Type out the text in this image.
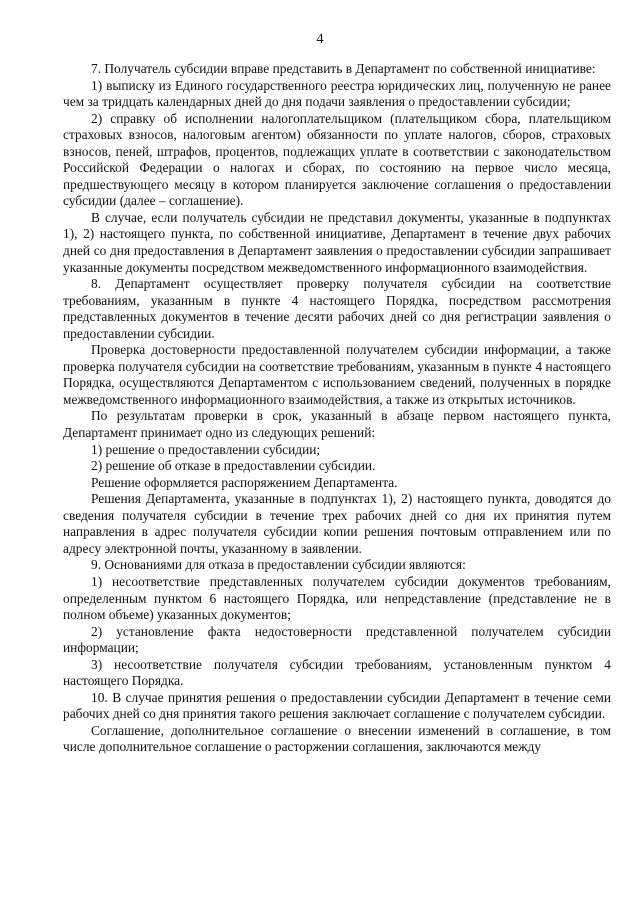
4

7. Получатель субсидии вправе представить в Департамент по собственной инициативе:

1) выписку из Единого государственного реестра юридических лиц, полученную не ранее чем за тридцать календарных дней до дня подачи заявления о предоставлении субсидии;

2) справку об исполнении налогоплательщиком (плательщиком сбора, плательщиком страховых взносов, налоговым агентом) обязанности по уплате налогов, сборов, страховых взносов, пеней, штрафов, процентов, подлежащих уплате в соответствии с законодательством Российской Федерации о налогах и сборах, по состоянию на первое число месяца, предшествующего месяцу в котором планируется заключение соглашения о предоставлении субсидии (далее – соглашение).

В случае, если получатель субсидии не представил документы, указанные в подпунктах 1), 2) настоящего пункта, по собственной инициативе, Департамент в течение двух рабочих дней со дня предоставления в Департамент заявления о предоставлении субсидии запрашивает указанные документы посредством межведомственного информационного взаимодействия.

8. Департамент осуществляет проверку получателя субсидии на соответствие требованиям, указанным в пункте 4 настоящего Порядка, посредством рассмотрения представленных документов в течение десяти рабочих дней со дня регистрации заявления о предоставлении субсидии.

Проверка достоверности предоставленной получателем субсидии информации, а также проверка получателя субсидии на соответствие требованиям, указанным в пункте 4 настоящего Порядка, осуществляются Департаментом с использованием сведений, полученных в порядке межведомственного информационного взаимодействия, а также из открытых источников.

По результатам проверки в срок, указанный в абзаце первом настоящего пункта, Департамент принимает одно из следующих решений:

1) решение о предоставлении субсидии;

2) решение об отказе в предоставлении субсидии.

Решение оформляется распоряжением Департамента.

Решения Департамента, указанные в подпунктах 1), 2) настоящего пункта, доводятся до сведения получателя субсидии в течение трех рабочих дней со дня их принятия путем направления в адрес получателя субсидии копии решения почтовым отправлением или по адресу электронной почты, указанному в заявлении.

9. Основаниями для отказа в предоставлении субсидии являются:

1) несоответствие представленных получателем субсидии документов требованиям, определенным пунктом 6 настоящего Порядка, или непредставление (представление не в полном объеме) указанных документов;

2) установление факта недостоверности представленной получателем субсидии информации;

3) несоответствие получателя субсидии требованиям, установленным пунктом 4 настоящего Порядка.

10. В случае принятия решения о предоставлении субсидии Департамент в течение семи рабочих дней со дня принятия такого решения заключает соглашение с получателем субсидии.

Соглашение, дополнительное соглашение о внесении изменений в соглашение, в том числе дополнительное соглашение о расторжении соглашения, заключаются между
